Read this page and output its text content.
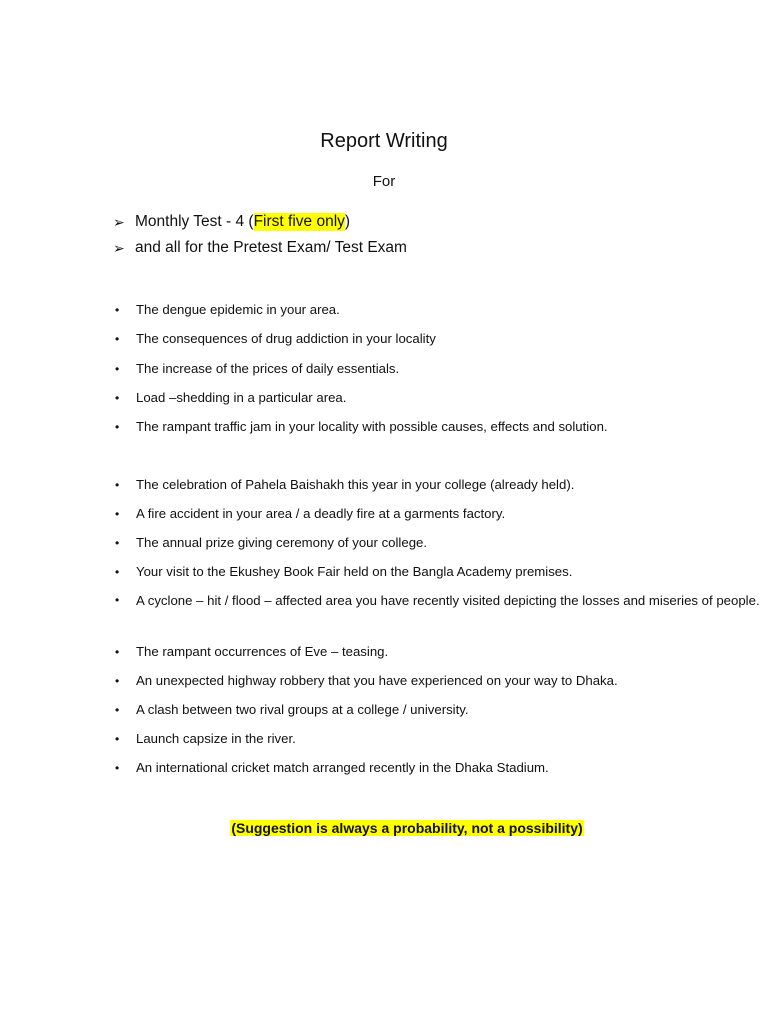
Report Writing
For
➢ Monthly Test - 4 ( First five only )
➢ and all for the Pretest Exam/ Test Exam
• The dengue epidemic in your area.
• The consequences of drug addiction in your locality
• The increase of the prices of daily essentials.
• Load –shedding in a particular area.
• The rampant traffic jam in your locality with possible causes, effects and solution.
• The celebration of Pahela Baishakh this year in your college (already held).
• A fire accident in your area / a deadly fire at a garments factory.
• The annual prize giving ceremony of your college.
• Your visit to the Ekushey Book Fair held on the Bangla Academy premises.
• A cyclone – hit / flood – affected area you have recently visited depicting the losses and miseries of people.
• The rampant occurrences of Eve – teasing.
• An unexpected highway robbery that you have experienced on your way to Dhaka.
• A clash between two rival groups at a college / university.
• Launch capsize in the river.
• An international cricket match arranged recently in the Dhaka Stadium.
(Suggestion is always a probability, not a possibility)
